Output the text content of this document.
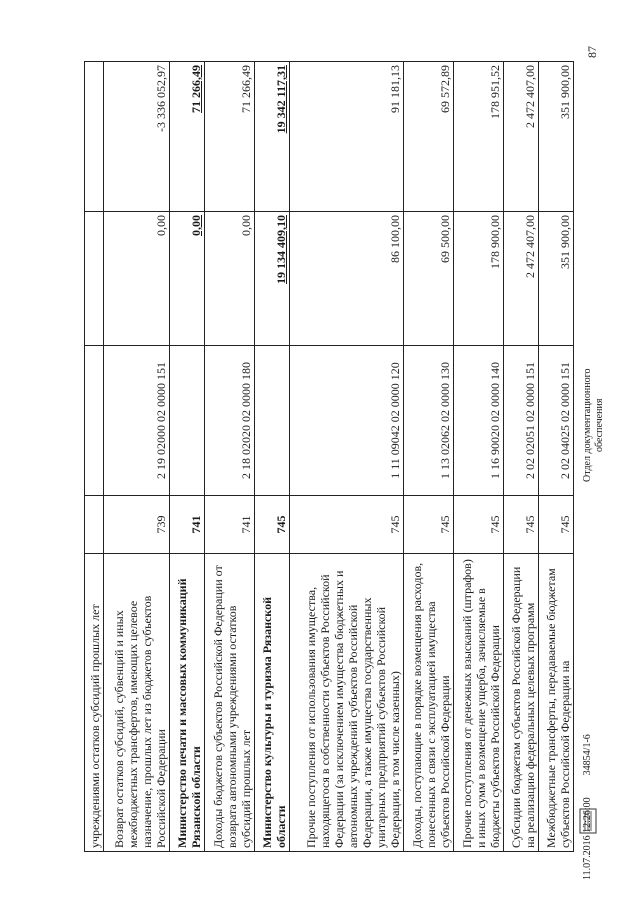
87
учреждениями остатков субсидий прошлых лет				
Возврат остатков субсидий, субвенций и иных межбюджетных трансфертов, имеющих целевое назначение, прошлых лет из бюджетов субъектов Российской Федерации	739	2 19 02000 02 0000 151	0,00	-3 336 052,97
Министерство печати и массовых коммуникаций Рязанской области	741		0,00	71 266,49
Доходы бюджетов субъектов Российской Федерации от возврата автономными учреждениями остатков субсидий прошлых лет	741	2 18 02020 02 0000 180	0,00	71 266,49
Министерство культуры и туризма Рязанской области	745		19 134 409,10	19 342 117,31
Прочие поступления от использования имущества, находящегося в собственности субъектов Российской Федерации (за исключением имущества бюджетных и автономных учреждений субъектов Российской Федерации, а также имущества государственных унитарных предприятий субъектов Российской Федерации, в том числе казенных)	745	1 11 09042 02 0000 120	86 100,00	91 181,13
Доходы, поступающие в порядке возмещения расходов, понесенных в связи с эксплуатацией имущества субъектов Российской Федерации	745	1 13 02062 02 0000 130	69 500,00	69 572,89
Прочие поступления от денежных взысканий (штрафов) и иных сумм в возмещение ущерба, зачисляемые в бюджеты субъектов Российской Федерации	745	1 16 90020 02 0000 140	178 900,00	178 951,52
Субсидии бюджетам субъектов Российской Федерации на реализацию федеральных целевых программ	745	2 02 02051 02 0000 151	2 472 407,00	2 472 407,00
Межбюджетные трансферты, передаваемые бюджетам субъектов Российской Федерации на	745	2 02 04025 02 0000 151	351 900,00	351 900,00
Отдел документационного обеспечения
11.07.2016 12:26:00
34854/1-6
